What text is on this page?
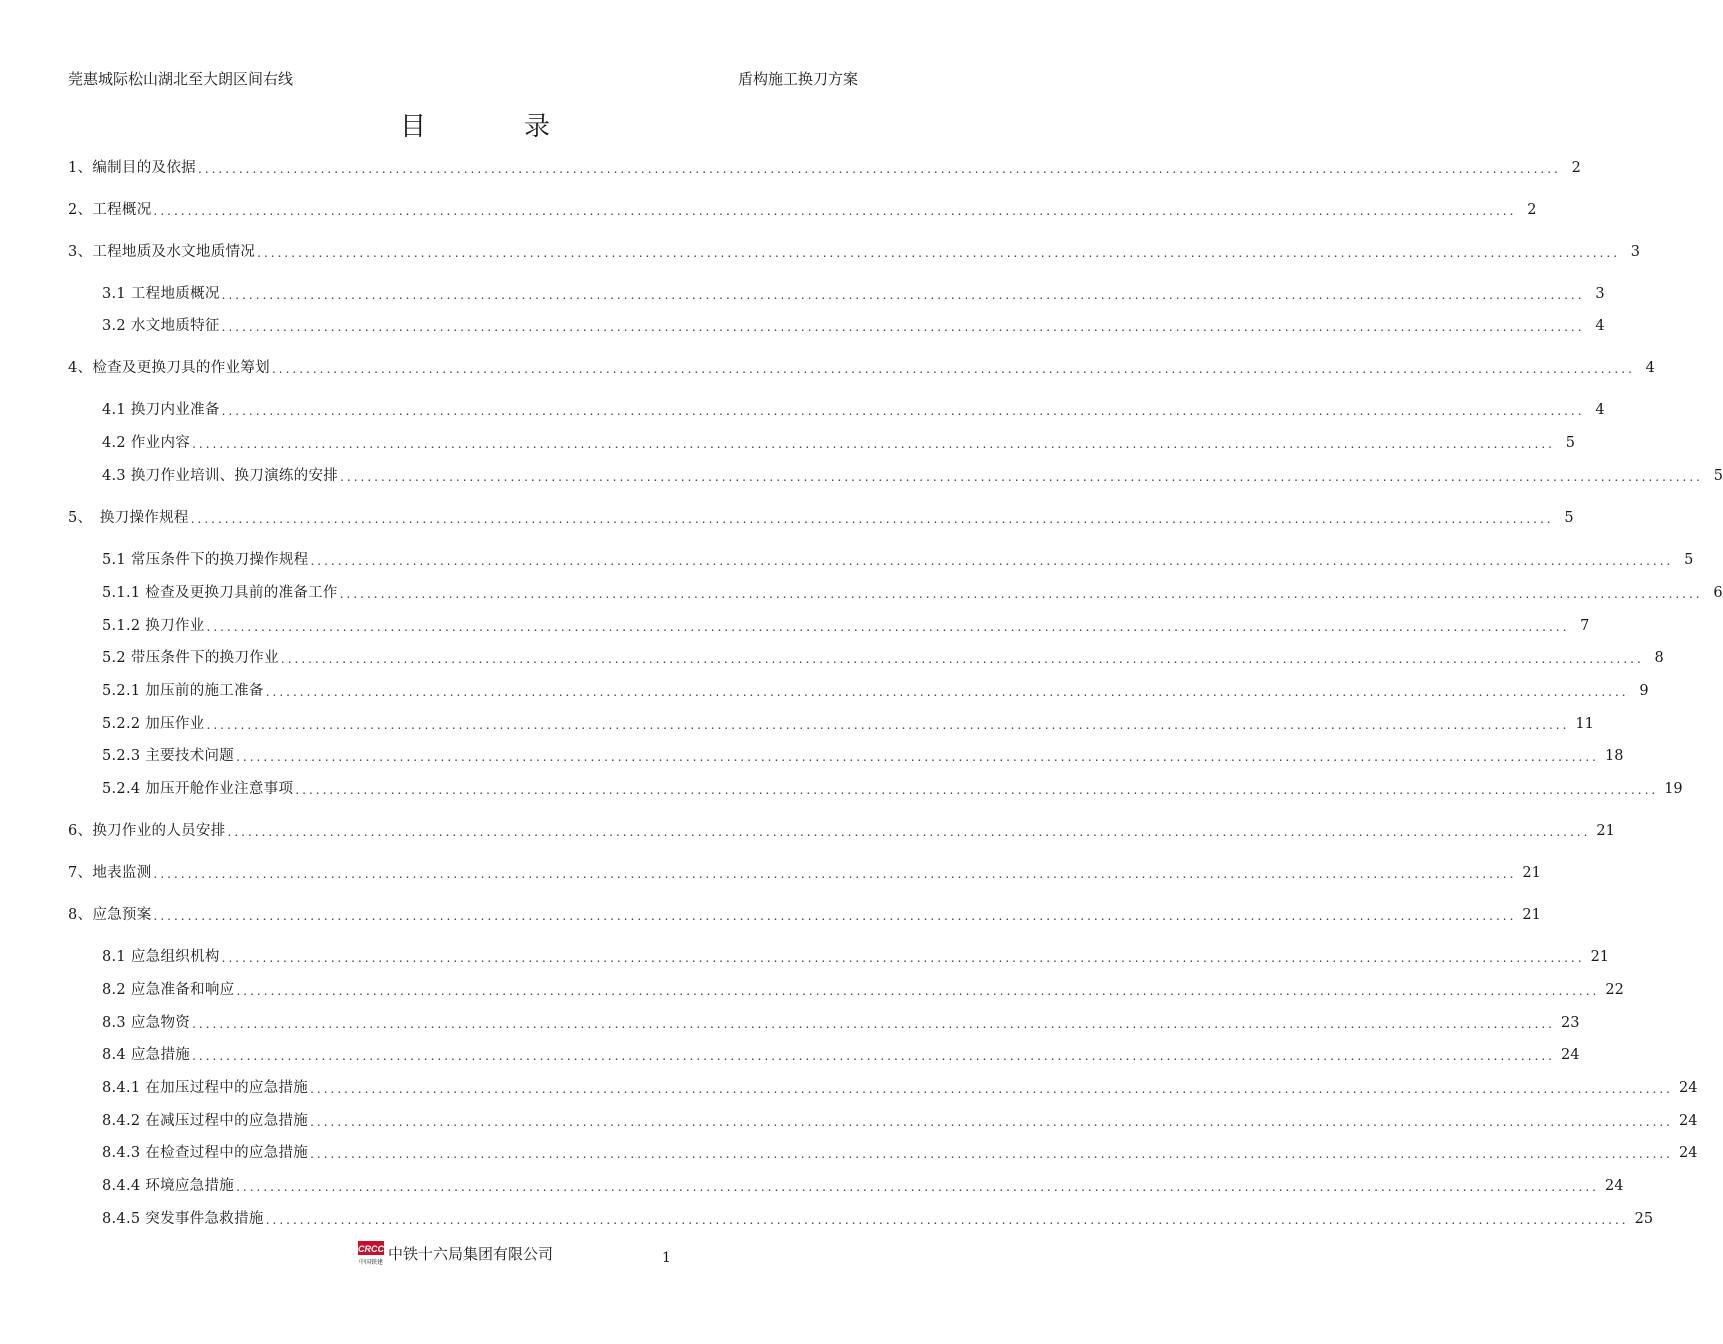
莞惠城际松山湖北至大朗区间右线	盾构施工换刀方案
目　录
1、编制目的及依据 ........................................................................................................................................................................................................ 2
2、工程概况 ........................................................................................................................................................................................................ 2
3、工程地质及水文地质情况 ........................................................................................................................................................................................................ 3
3.1 工程地质概况 ........................................................................................................................................................................................................ 3
3.2 水文地质特征 ........................................................................................................................................................................................................ 4
4、检查及更换刀具的作业筹划 ........................................................................................................................................................................................................ 4
4.1 换刀内业准备 ........................................................................................................................................................................................................ 4
4.2 作业内容 ........................................................................................................................................................................................................ 5
4.3 换刀作业培训、换刀演练的安排 ........................................................................................................................................................................................................ 5
5、　换刀操作规程 ........................................................................................................................................................................................................ 5
5.1 常压条件下的换刀操作规程 ........................................................................................................................................................................................................ 5
5.1.1 检查及更换刀具前的准备工作 ........................................................................................................................................................................................................ 6
5.1.2 换刀作业 ........................................................................................................................................................................................................ 7
5.2 带压条件下的换刀作业 ........................................................................................................................................................................................................ 8
5.2.1 加压前的施工准备 ........................................................................................................................................................................................................ 9
5.2.2 加压作业 ........................................................................................................................................................................................................ 11
5.2.3 主要技术问题 ........................................................................................................................................................................................................ 18
5.2.4 加压开舱作业注意事项 ........................................................................................................................................................................................................ 19
6、换刀作业的人员安排 ........................................................................................................................................................................................................ 21
7、地表监测 ........................................................................................................................................................................................................ 21
8、应急预案 ........................................................................................................................................................................................................ 21
8.1 应急组织机构 ........................................................................................................................................................................................................ 21
8.2 应急准备和响应 ........................................................................................................................................................................................................ 22
8.3 应急物资 ........................................................................................................................................................................................................ 23
8.4 应急措施 ........................................................................................................................................................................................................ 24
8.4.1 在加压过程中的应急措施 ........................................................................................................................................................................................................ 24
8.4.2 在减压过程中的应急措施 ........................................................................................................................................................................................................ 24
8.4.3 在检查过程中的应急措施 ........................................................................................................................................................................................................ 24
8.4.4 环境应急措施 ........................................................................................................................................................................................................ 24
8.4.5 突发事件急救措施 ........................................................................................................................................................................................................ 25
CRCC
中国铁建 中铁十六局集团有限公司	1
